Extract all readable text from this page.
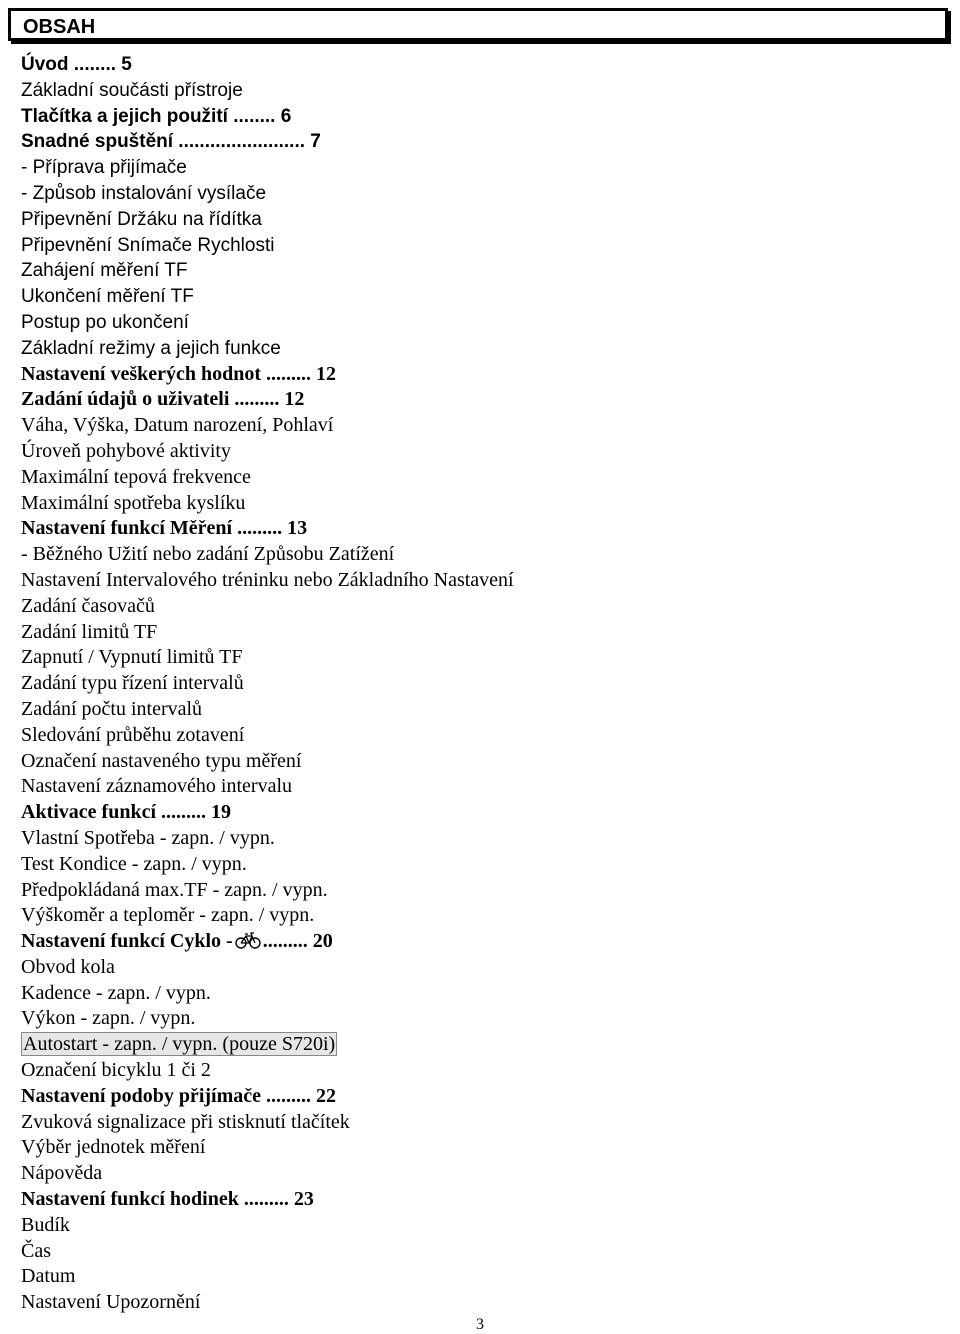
OBSAH
Úvod ........ 5
Základní součásti přístroje
Tlačítka a jejich použití ........ 6
Snadné spuštění ........................ 7
- Příprava přijímače
- Způsob instalování vysílače
Připevnění Držáku na řídítka
Připevnění Snímače Rychlosti
Zahájení měření TF
Ukončení měření TF
Postup po ukončení
Základní režimy a jejich funkce
Nastavení veškerých hodnot ......... 12
Zadání údajů o uživateli ......... 12
Váha, Výška, Datum narození, Pohlaví
Úroveň pohybové aktivity
Maximální tepová frekvence
Maximální spotřeba kyslíku
Nastavení funkcí Měření ......... 13
- Běžného Užití nebo zadání Způsobu Zatížení
Nastavení Intervalového tréninku nebo Základního Nastavení
Zadání časovačů
Zadání limitů TF
Zapnutí / Vypnutí limitů TF
Zadání typu řízení intervalů
Zadání počtu intervalů
Sledování průběhu zotavení
Označení nastaveného typu měření
Nastavení záznamového intervalu
Aktivace funkcí ......... 19
Vlastní Spotřeba - zapn. / vypn.
Test Kondice - zapn. / vypn.
Předpokládaná max.TF - zapn. / vypn.
Výškoměr a teploměr - zapn. / vypn.
Nastavení funkcí Cyklo - ......... 20
Obvod kola
Kadence - zapn. / vypn.
Výkon - zapn. / vypn.
Autostart - zapn. / vypn. (pouze S720i)
Označení bicyklu 1 či 2
Nastavení podoby přijímače ......... 22
Zvuková signalizace při stisknutí tlačítek
Výběr jednotek měření
Nápověda
Nastavení funkcí hodinek ......... 23
Budík
Čas
Datum
Nastavení Upozornění
3
